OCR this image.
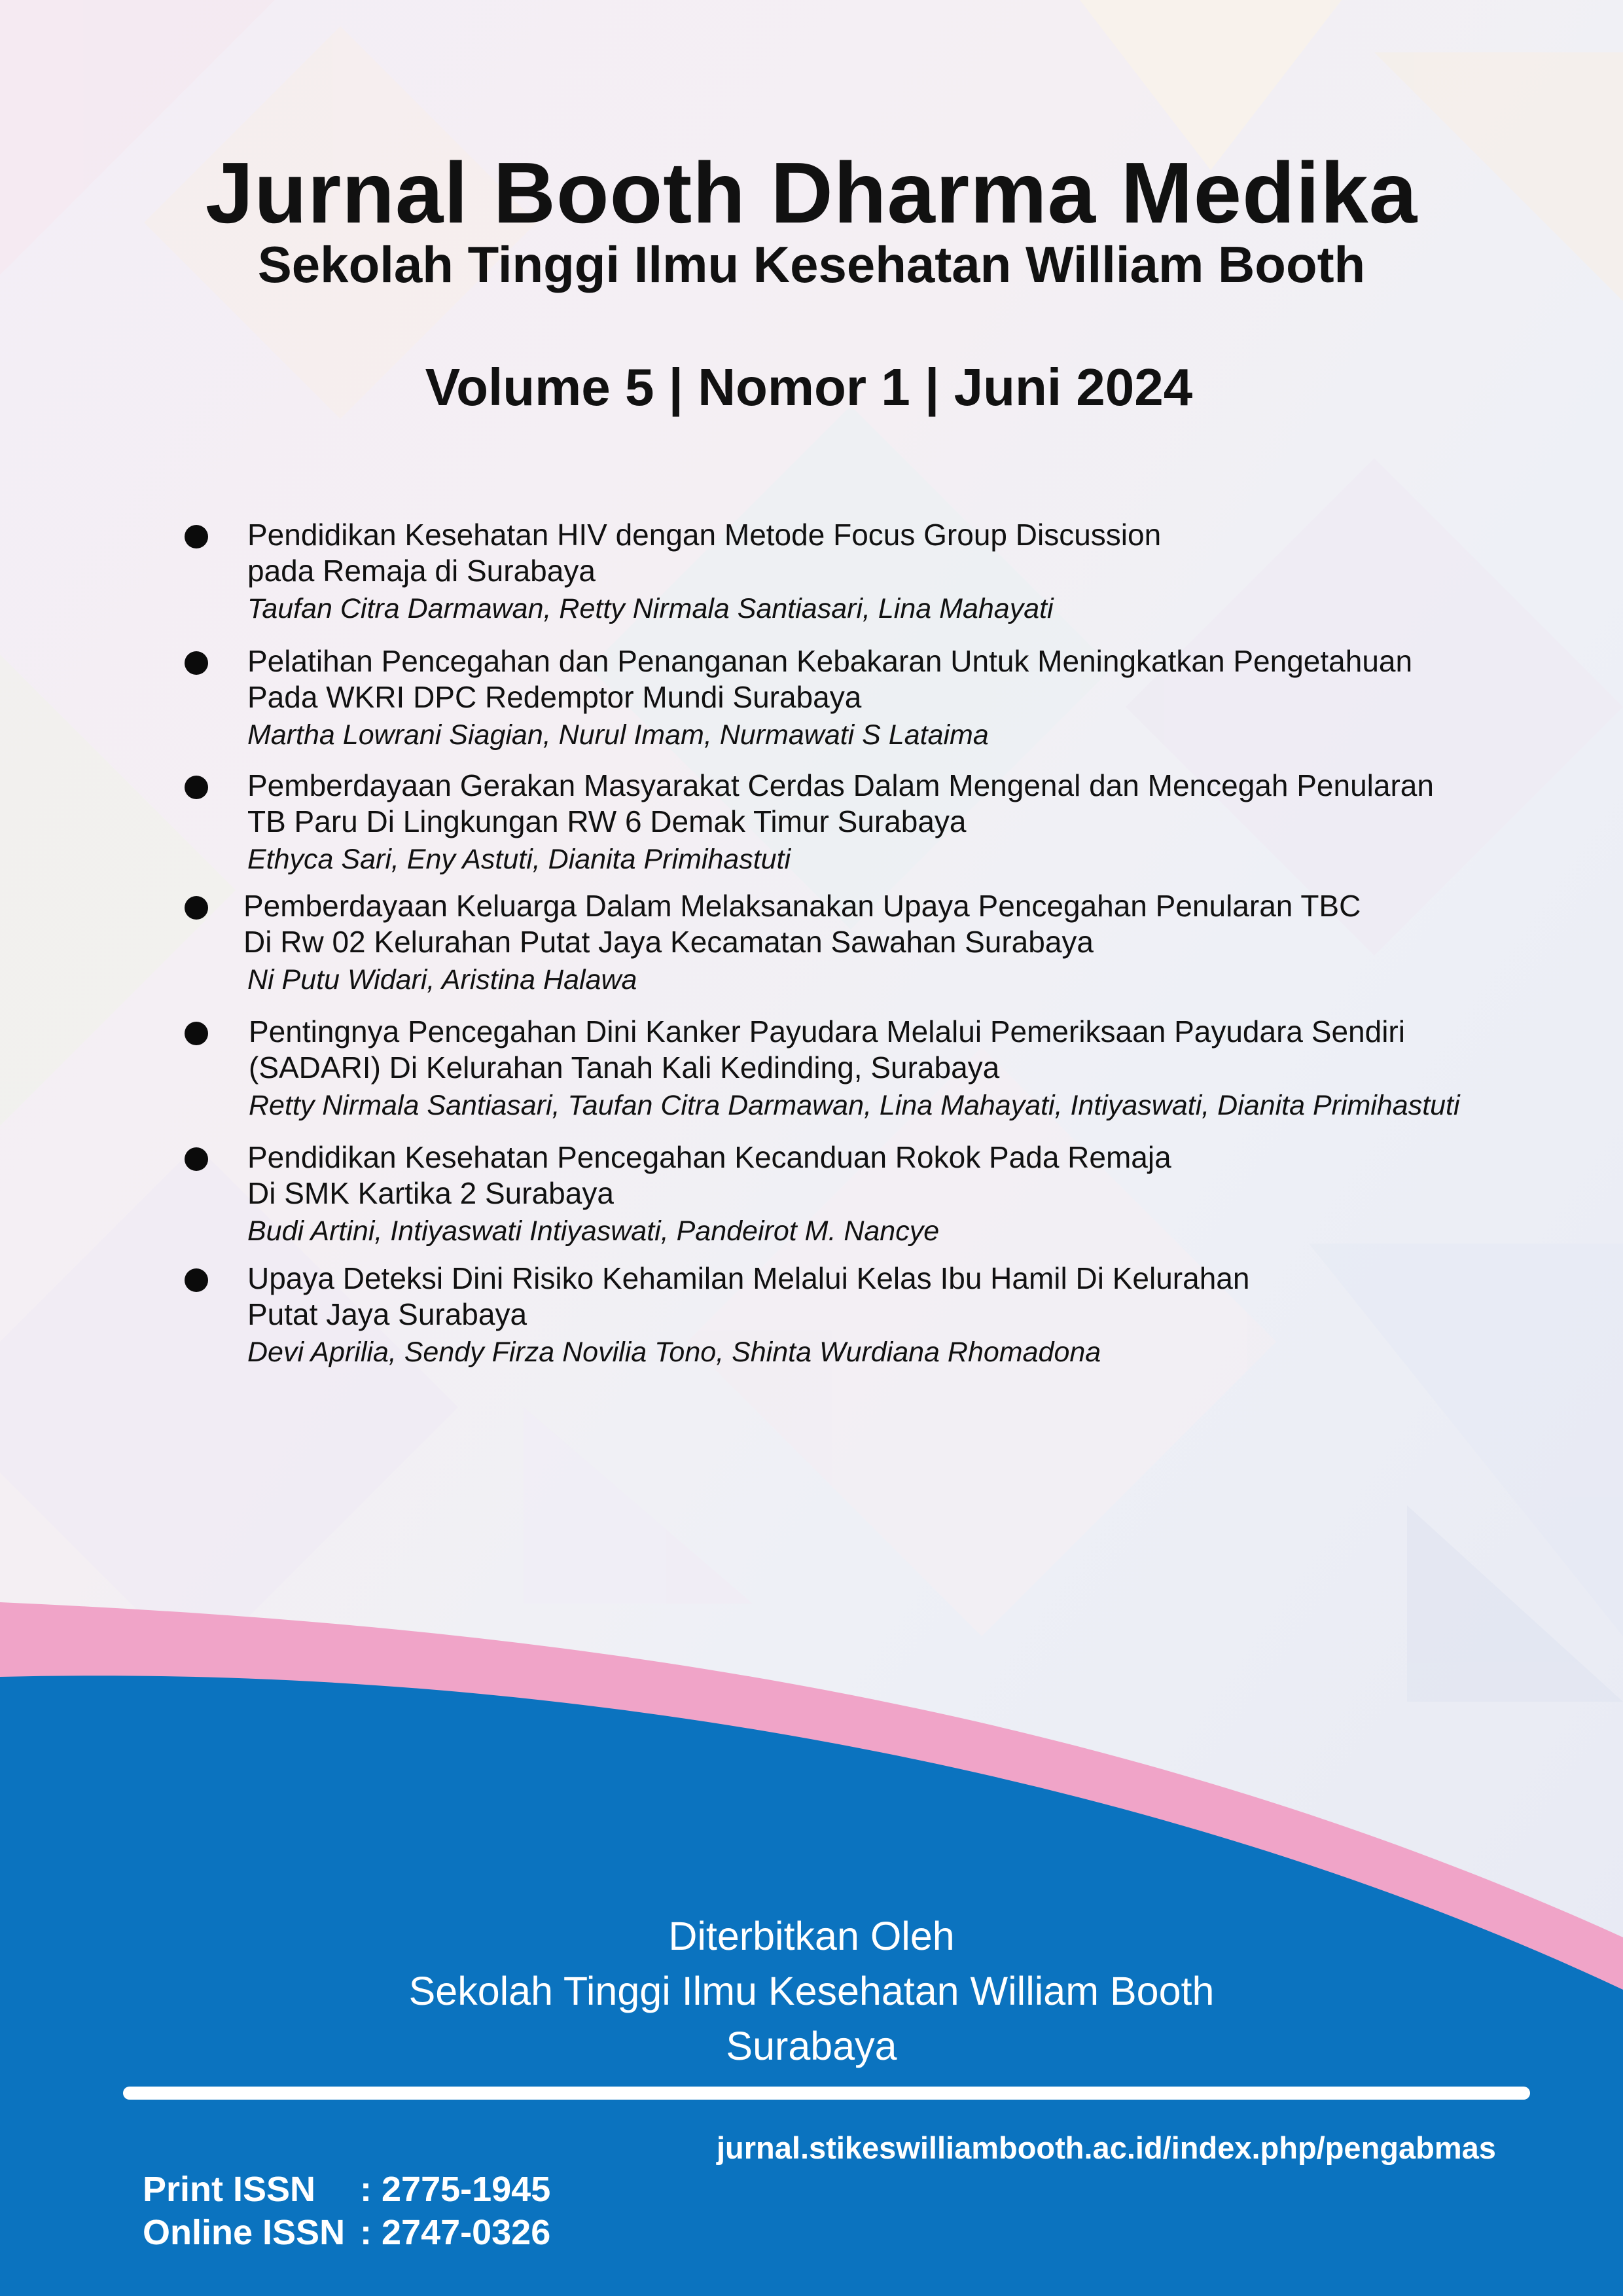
Jurnal Booth Dharma Medika
Sekolah Tinggi Ilmu Kesehatan William Booth
Volume 5 | Nomor 1 | Juni 2024
Pendidikan Kesehatan HIV dengan Metode Focus Group Discussion
pada Remaja di Surabaya
Taufan Citra Darmawan, Retty Nirmala Santiasari, Lina Mahayati
Pelatihan Pencegahan dan Penanganan Kebakaran Untuk Meningkatkan Pengetahuan
Pada WKRI DPC Redemptor Mundi Surabaya
Martha Lowrani Siagian, Nurul Imam, Nurmawati S Lataima
Pemberdayaan Gerakan Masyarakat Cerdas Dalam Mengenal dan Mencegah Penularan
TB Paru Di Lingkungan RW 6 Demak Timur Surabaya
Ethyca Sari, Eny Astuti, Dianita Primihastuti
Pemberdayaan Keluarga Dalam Melaksanakan Upaya Pencegahan Penularan TBC
Di Rw 02 Kelurahan Putat Jaya Kecamatan Sawahan Surabaya
Ni Putu Widari, Aristina Halawa
Pentingnya Pencegahan Dini Kanker Payudara Melalui Pemeriksaan Payudara Sendiri
(SADARI) Di Kelurahan Tanah Kali Kedinding, Surabaya
Retty Nirmala Santiasari, Taufan Citra Darmawan, Lina Mahayati, Intiyaswati, Dianita Primihastuti
Pendidikan Kesehatan Pencegahan Kecanduan Rokok Pada Remaja
Di SMK Kartika 2 Surabaya
Budi Artini, Intiyaswati Intiyaswati, Pandeirot M. Nancye
Upaya Deteksi Dini Risiko Kehamilan Melalui Kelas Ibu Hamil Di Kelurahan
Putat Jaya Surabaya
Devi Aprilia, Sendy Firza Novilia Tono, Shinta Wurdiana Rhomadona
Diterbitkan Oleh
Sekolah Tinggi Ilmu Kesehatan William Booth
Surabaya

Print ISSN : 2775-1945

Online ISSN : 2747-0326

jurnal.stikeswilliambooth.ac.id/index.php/pengabmas
